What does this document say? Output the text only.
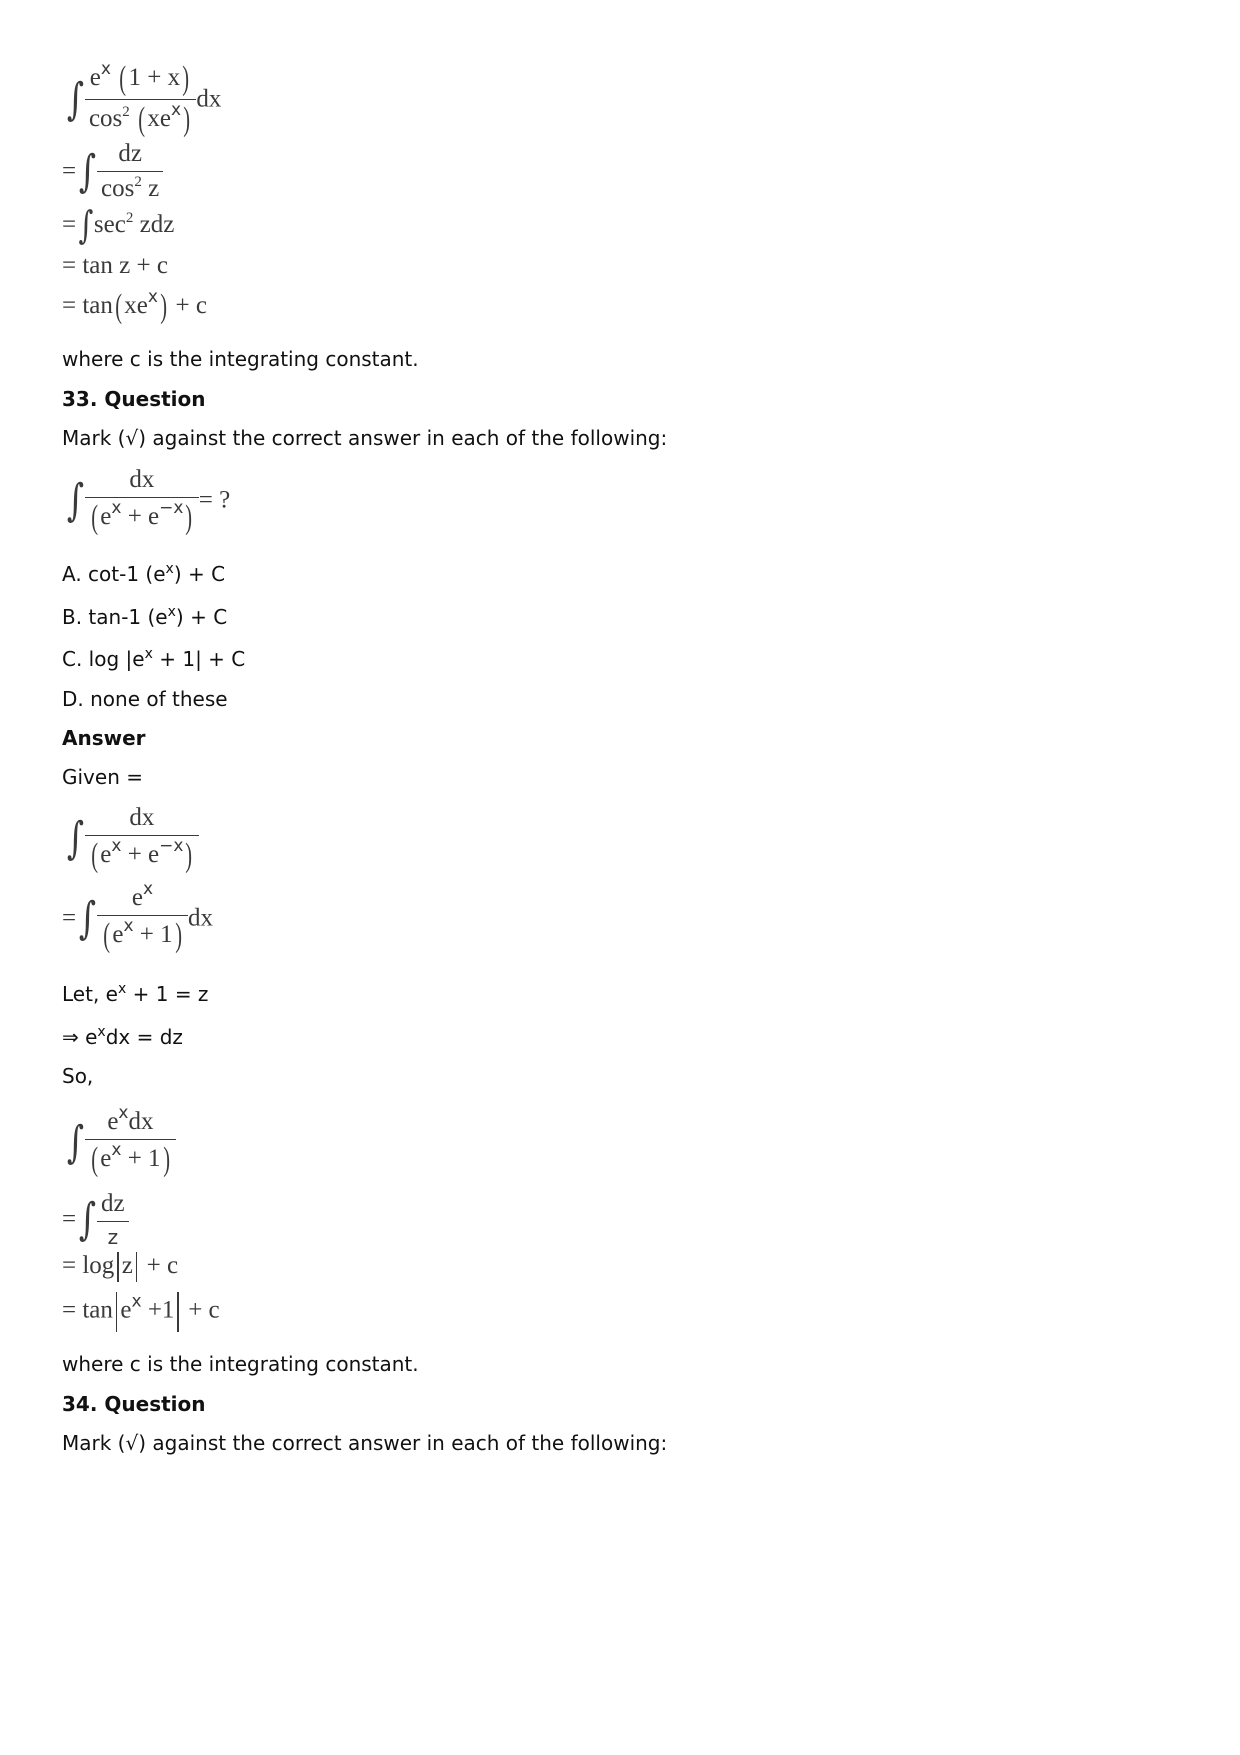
∫ $\frac{e^x (1 + x)}{\cos^2 (xe^x)}$ dx
=∫ $\frac{dz}{\cos^2 z}$
$=\int\sec^2$ zdz
= tan z + c
= $\tan(xe^x) + c$
where c is the integrating constant.
33. Question
Mark (√) against the correct answer in each of the following:
∫ $\frac{dx}{(e^x + e^{-x})}$ = ?
A. cot-1 $(e^x) + C$
B. tan-1 $(e^x) + C$
C. $\log |e^x + 1| + C$
D. none of these
Answer
Given =
∫ $\frac{dx}{(e^x + e^{-x})}$
=∫ $\frac{e^x}{(e^x + 1)}$ dx
Let, $e^x + 1 = z$
⇒ $e^xdx$ = dz
So,
∫ $\frac{e^xdx}{(e^x + 1)}$
=∫ $\frac{dz}{z}$
= log z + c
= $\tan e^x +1 + c$
where c is the integrating constant.
34. Question
Mark (√) against the correct answer in each of the following:
